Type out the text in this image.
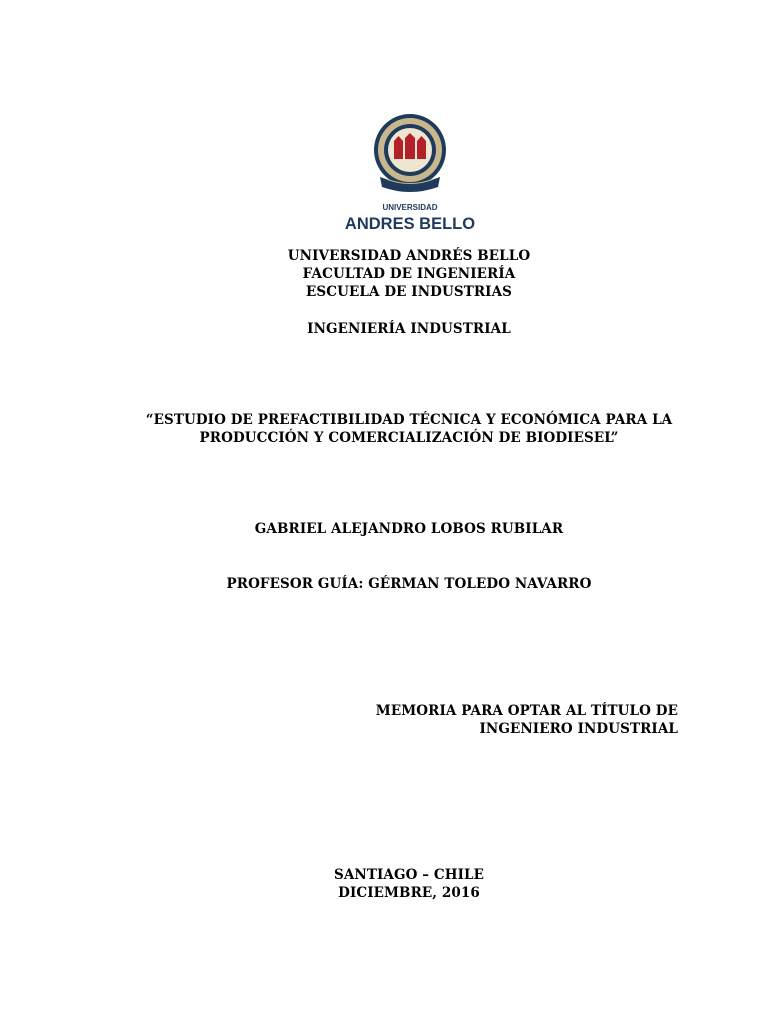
UNIVERSIDAD
ANDRES BELLO
UNIVERSIDAD ANDRÉS BELLO
FACULTAD DE INGENIERÍA
ESCUELA DE INDUSTRIAS
INGENIERÍA INDUSTRIAL
“ESTUDIO DE PREFACTIBILIDAD TÉCNICA Y ECONÓMICA PARA LA
PRODUCCIÓN Y COMERCIALIZACIÓN DE BIODIESEL”
GABRIEL ALEJANDRO LOBOS RUBILAR
PROFESOR GUÍA: GÉRMAN TOLEDO NAVARRO
MEMORIA PARA OPTAR AL TÍTULO DE
INGENIERO INDUSTRIAL
SANTIAGO – CHILE
DICIEMBRE, 2016
